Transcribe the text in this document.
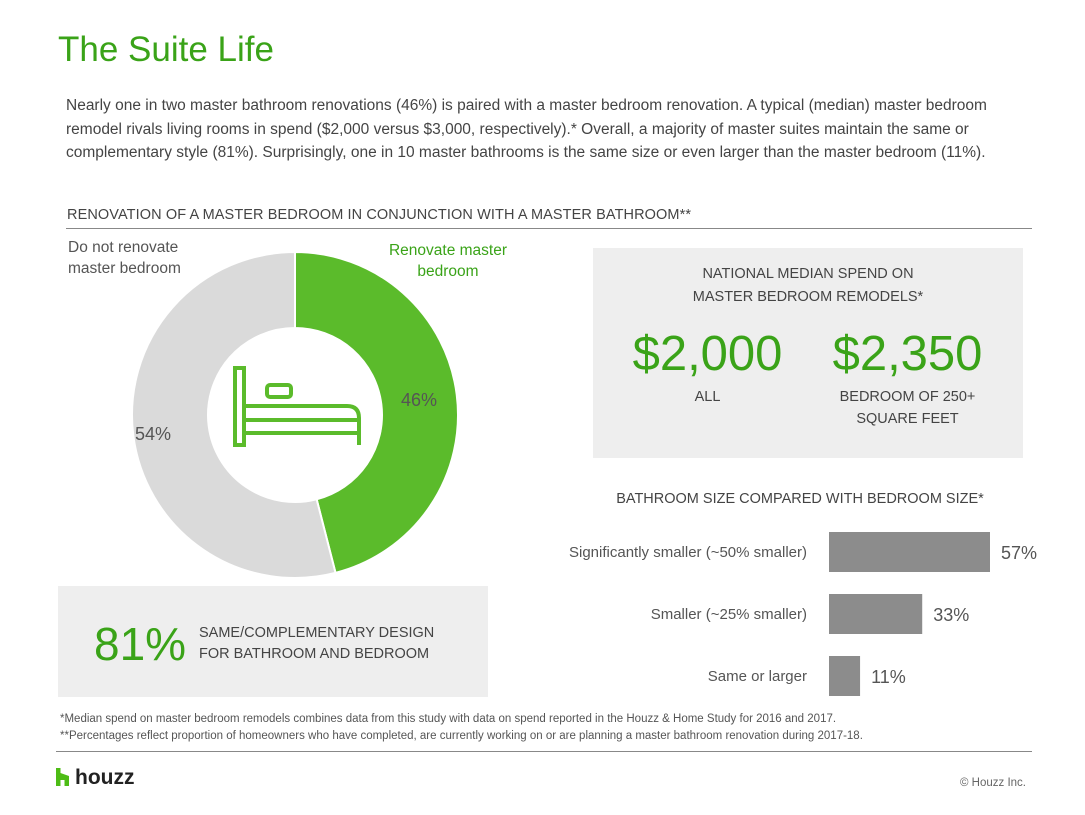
The Suite Life
Nearly one in two master bathroom renovations (46%) is paired with a master bedroom renovation. A typical (median) master bedroom remodel rivals living rooms in spend ($2,000 versus $3,000, respectively).* Overall, a majority of master suites maintain the same or complementary style (81%). Surprisingly, one in 10 master bathrooms is the same size or even larger than the master bedroom (11%).
RENOVATION OF A MASTER BEDROOM IN CONJUNCTION WITH A MASTER BATHROOM**
Do not renovate
master bedroom
Renovate master
bedroom
54%
46%
NATIONAL MEDIAN SPEND ON
MASTER BEDROOM REMODELS*
$2,000 $2,350
ALL	BEDROOM OF 250+
SQUARE FEET
81% SAME/COMPLEMENTARY DESIGN
FOR BATHROOM AND BEDROOM
BATHROOM SIZE COMPARED WITH BEDROOM SIZE*
Significantly smaller (~50% smaller)	57%
Smaller (~25% smaller)	33%
Same or larger	11%
*Median spend on master bedroom remodels combines data from this study with data on spend reported in the Houzz & Home Study for 2016 and 2017.
**Percentages reflect proportion of homeowners who have completed, are currently working on or are planning a master bathroom renovation during 2017-18.
houzz	© Houzz Inc.
